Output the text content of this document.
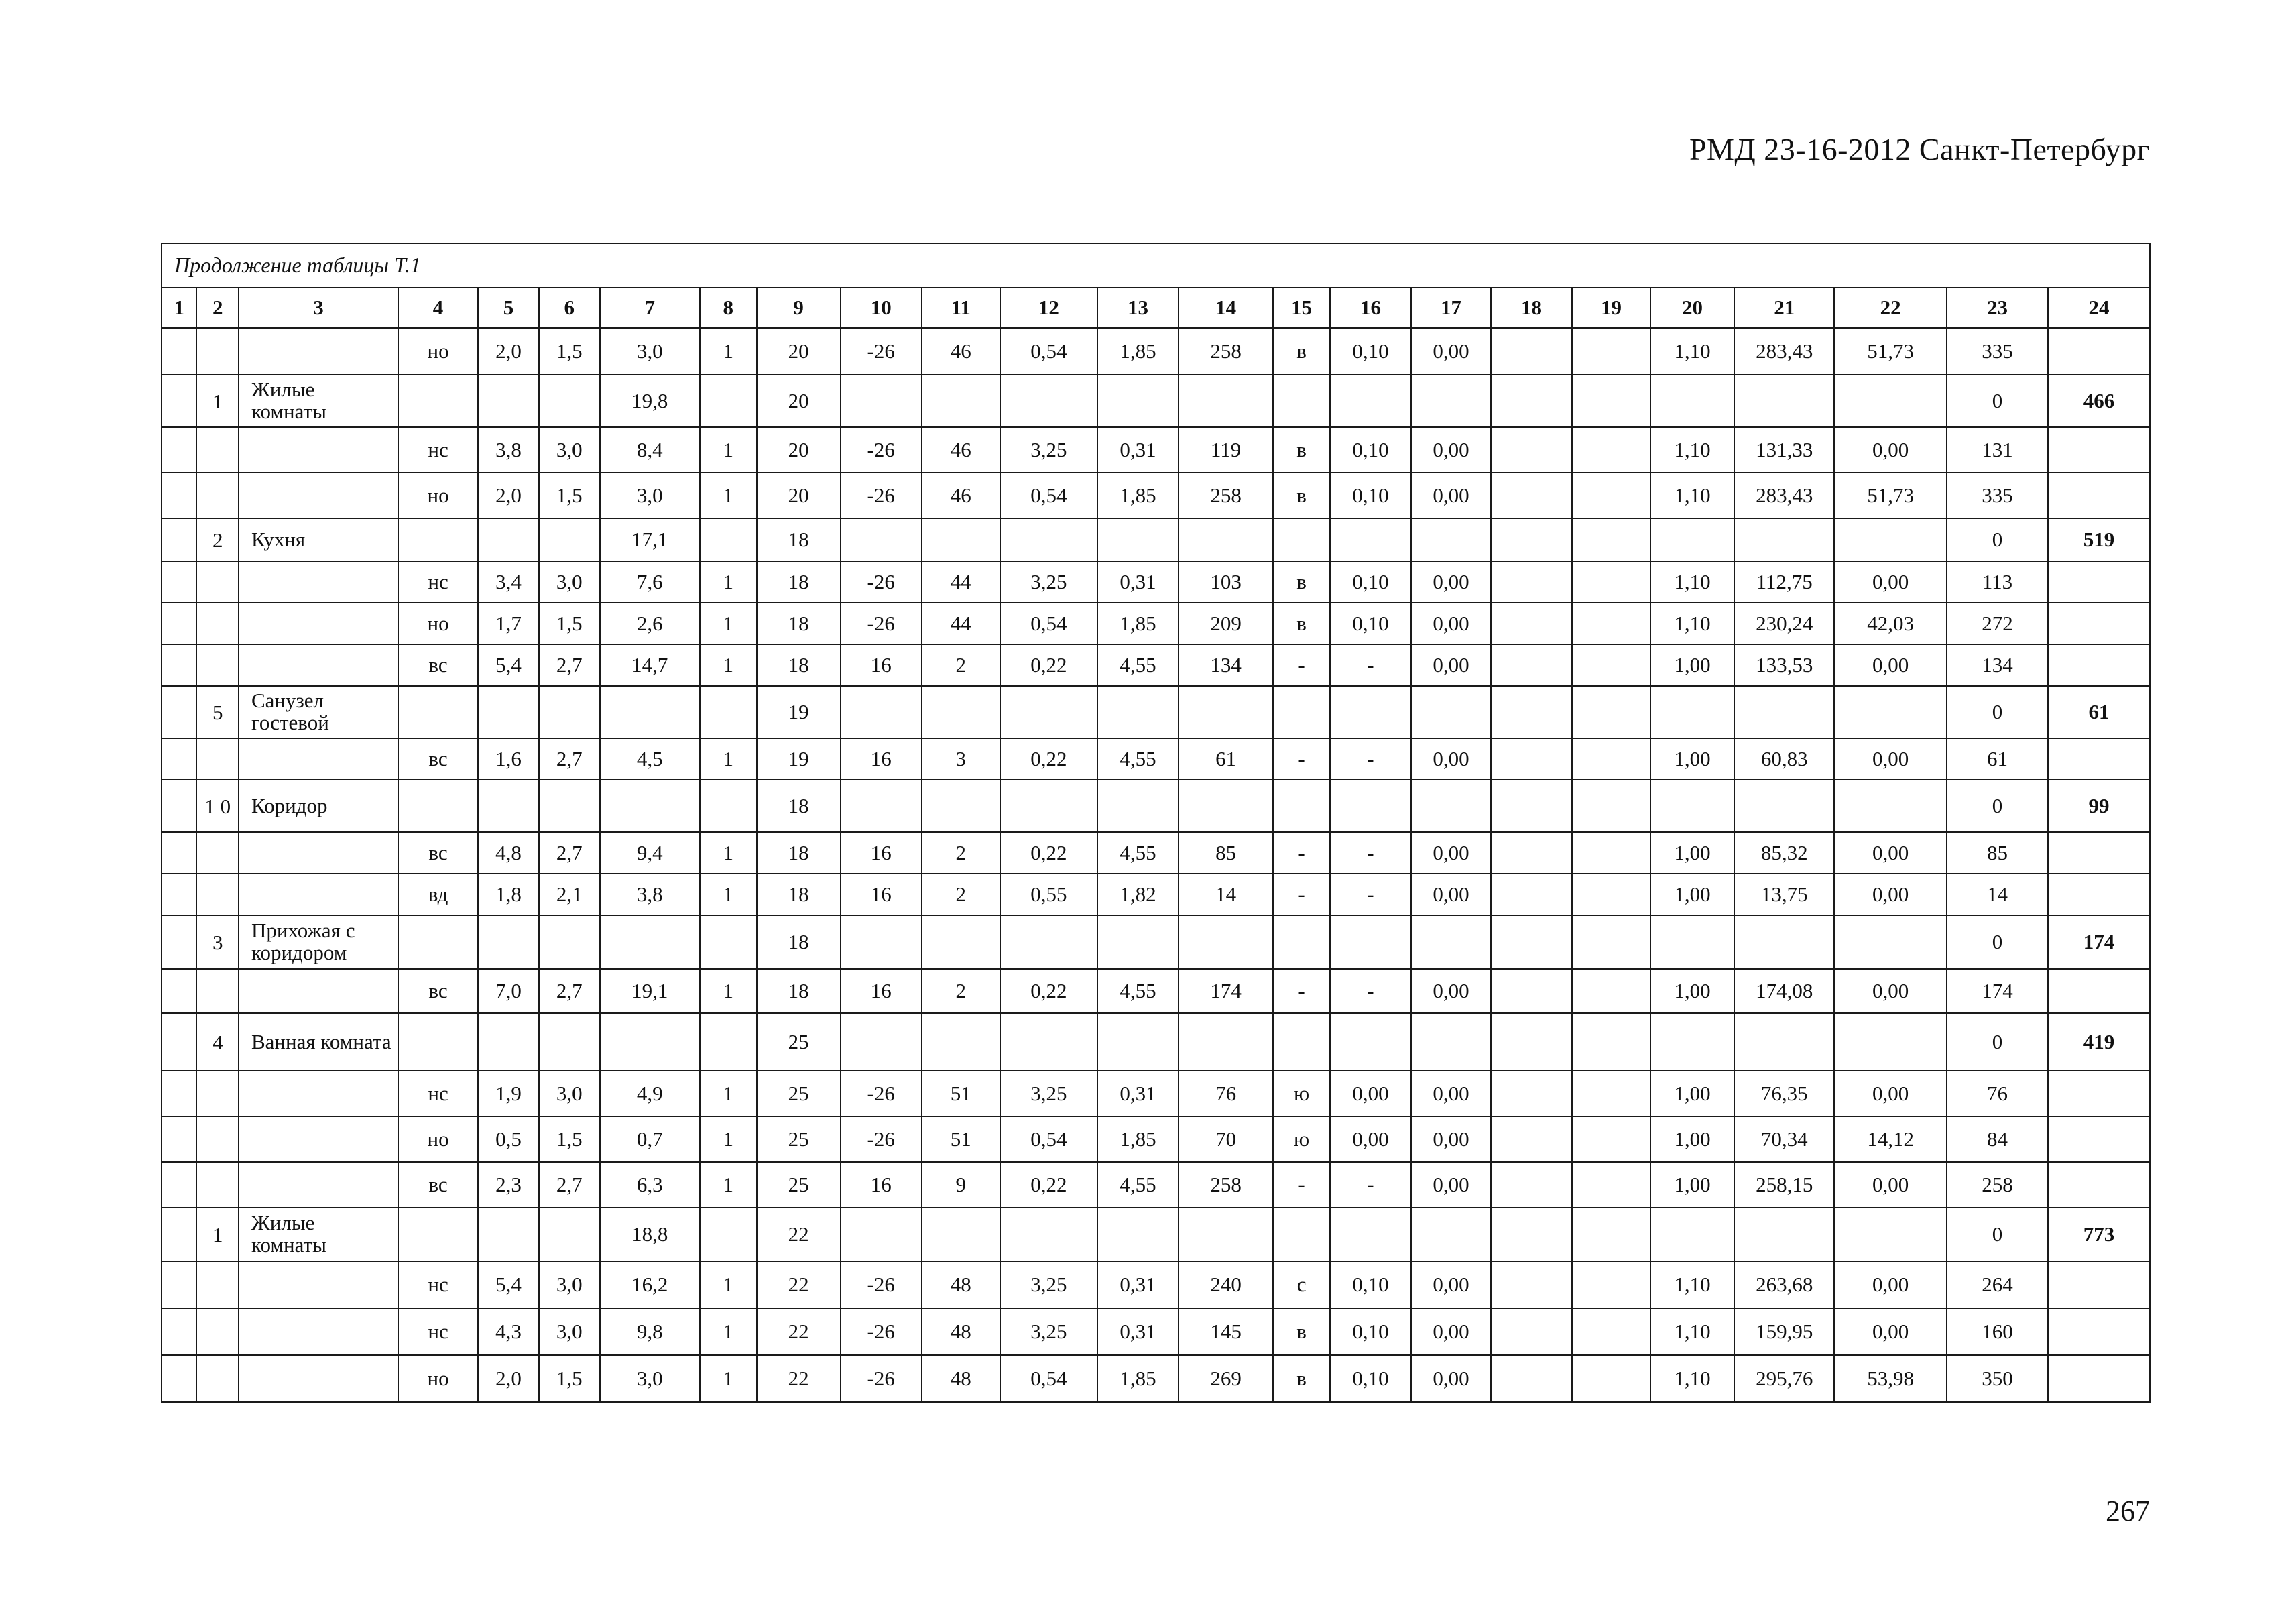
РМД 23-16-2012 Санкт-Петербург
Продолжение таблицы Т.1																							
1	2	3	4	5	6	7	8	9	10	11	12	13	14	15	16	17	18	19	20	21	22	23	24
			но	2,0	1,5	3,0	1	20	-26	46	0,54	1,85	258	в	0,10	0,00			1,10	283,43	51,73	335	
	1	Жилые комнаты				19,8		20														0	466
			нс	3,8	3,0	8,4	1	20	-26	46	3,25	0,31	119	в	0,10	0,00			1,10	131,33	0,00	131	
			но	2,0	1,5	3,0	1	20	-26	46	0,54	1,85	258	в	0,10	0,00			1,10	283,43	51,73	335	
	2	Кухня				17,1		18														0	519
			нс	3,4	3,0	7,6	1	18	-26	44	3,25	0,31	103	в	0,10	0,00			1,10	112,75	0,00	113	
			но	1,7	1,5	2,6	1	18	-26	44	0,54	1,85	209	в	0,10	0,00			1,10	230,24	42,03	272	
			вс	5,4	2,7	14,7	1	18	16	2	0,22	4,55	134	-	-	0,00			1,00	133,53	0,00	134	
	5	Санузел гостевой						19														0	61
			вс	1,6	2,7	4,5	1	19	16	3	0,22	4,55	61	-	-	0,00			1,00	60,83	0,00	61	
	1 0	Коридор						18														0	99
			вс	4,8	2,7	9,4	1	18	16	2	0,22	4,55	85	-	-	0,00			1,00	85,32	0,00	85	
			вд	1,8	2,1	3,8	1	18	16	2	0,55	1,82	14	-	-	0,00			1,00	13,75	0,00	14	
	3	Прихожая с коридором						18														0	174
			вс	7,0	2,7	19,1	1	18	16	2	0,22	4,55	174	-	-	0,00			1,00	174,08	0,00	174	
	4	Ванная комната						25														0	419
			нс	1,9	3,0	4,9	1	25	-26	51	3,25	0,31	76	ю	0,00	0,00			1,00	76,35	0,00	76	
			но	0,5	1,5	0,7	1	25	-26	51	0,54	1,85	70	ю	0,00	0,00			1,00	70,34	14,12	84	
			вс	2,3	2,7	6,3	1	25	16	9	0,22	4,55	258	-	-	0,00			1,00	258,15	0,00	258	
	1	Жилые комнаты				18,8		22														0	773
			нс	5,4	3,0	16,2	1	22	-26	48	3,25	0,31	240	с	0,10	0,00			1,10	263,68	0,00	264	
			нс	4,3	3,0	9,8	1	22	-26	48	3,25	0,31	145	в	0,10	0,00			1,10	159,95	0,00	160	
			но	2,0	1,5	3,0	1	22	-26	48	0,54	1,85	269	в	0,10	0,00			1,10	295,76	53,98	350	
267
